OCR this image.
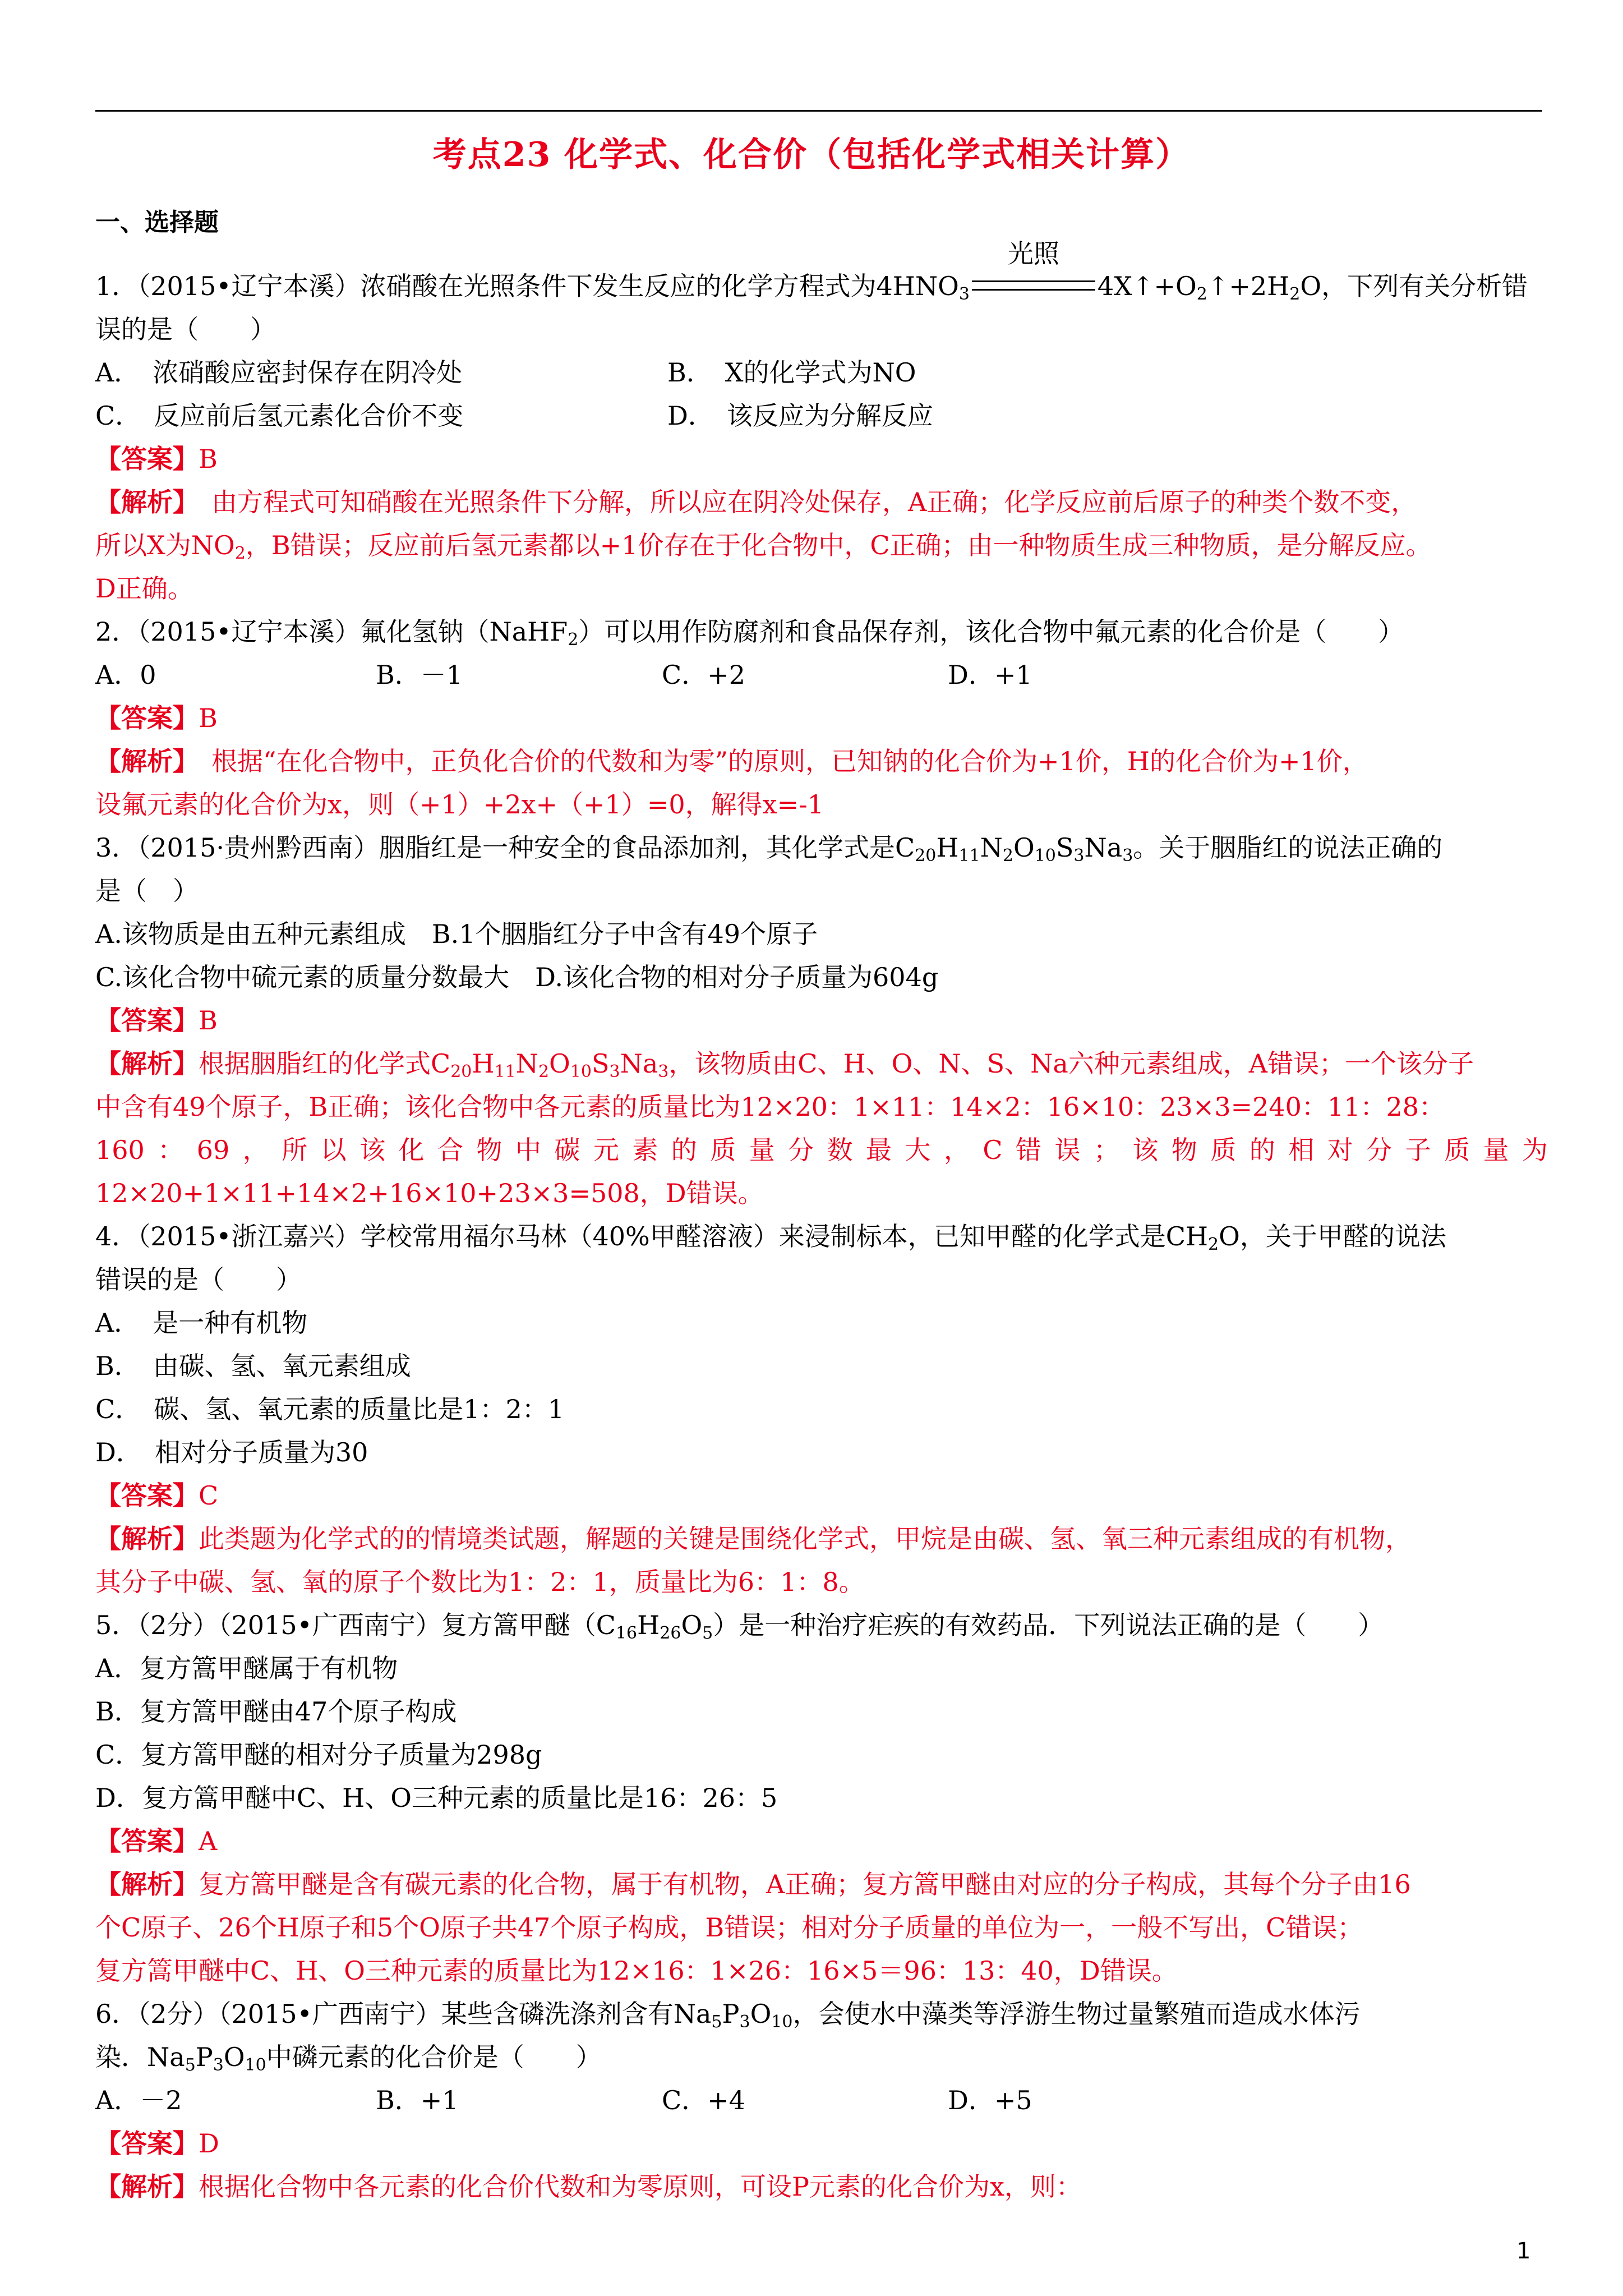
考点23 化学式、化合价（包括化学式相关计算）
一、选择题
1．（2015•辽宁本溪）浓硝酸在光照条件下发生反应的化学方程式为$4HNO_3$
光照
$4X↑+O_2↑+2H_2O$，下列有关分析错
误的是（　　）
A．　浓硝酸应密封保存在阴冷处	B．　X的化学式为NO
C．　反应前后氢元素化合价不变	D．　该反应为分解反应
【答案】B
【解析】　由方程式可知硝酸在光照条件下分解，所以应在阴冷处保存，A正确；化学反应前后原子的种类个数不变，
所以X为$NO_2$，B错误；反应前后氢元素都以+1价存在于化合物中，C正确；由一种物质生成三种物质，是分解反应。
D正确。
2．（2015•辽宁本溪）氟化氢钠（NaHF$_2$）可以用作防腐剂和食品保存剂，该化合物中氟元素的化合价是（　　）
A．0	B．－1	C．+2	D．+1
【答案】B
【解析】　根据“在化合物中，正负化合价的代数和为零”的原则，已知钠的化合价为+1价，H的化合价为+1价，
设氟元素的化合价为x，则（+1）+2x+（+1）=0，解得x=-1
3．（2015·贵州黔西南）胭脂红是一种安全的食品添加剂，其化学式是$C_{20}H_{11}N_2O_{10}S_3Na_3$。关于胭脂红的说法正确的
是（　）
A.该物质是由五种元素组成　B.1个胭脂红分子中含有49个原子
C.该化合物中硫元素的质量分数最大　D.该化合物的相对分子质量为604g
【答案】B
【解析】根据胭脂红的化学式$C_{20}H_{11}N_2O_{10}S_3Na_3$，该物质由C、H、O、N、S、Na六种元素组成，A错误；一个该分子
中含有49个原子，B正确；该化合物中各元素的质量比为12×20：1×11：14×2：16×10：23×3=240：11：28：
160：69，所以该化合物中碳元素的质量分数最大，C错误；该物质的相对分子质量为
12×20+1×11+14×2+16×10+23×3=508，D错误。
4．（2015•浙江嘉兴）学校常用福尔马林（40%甲醛溶液）来浸制标本，已知甲醛的化学式是$CH_2O$，关于甲醛的说法
错误的是（　　）
A．　是一种有机物
B．　由碳、氢、氧元素组成
C．　碳、氢、氧元素的质量比是1：2：1
D．　相对分子质量为30
【答案】C
【解析】此类题为化学式的的情境类试题，解题的关键是围绕化学式，甲烷是由碳、氢、氧三种元素组成的有机物，
其分子中碳、氢、氧的原子个数比为1：2：1，质量比为6：1：8。
5．（2分）（2015•广西南宁）复方篙甲醚$(C_{16}H_{26}O_5)$是一种治疗疟疾的有效药品．下列说法正确的是（　　）
A．复方篙甲醚属于有机物
B．复方篙甲醚由47个原子构成
C．复方篙甲醚的相对分子质量为298g
D．复方篙甲醚中C、H、O三种元素的质量比是16：26：5
【答案】A
【解析】复方篙甲醚是含有碳元素的化合物，属于有机物，A正确；复方篙甲醚由对应的分子构成，其每个分子由16
个C原子、26个H原子和5个O原子共47个原子构成，B错误；相对分子质量的单位为一，一般不写出，C错误；
复方篙甲醚中C、H、O三种元素的质量比为12×16：1×26：16×5＝96：13：40，D错误。
6．（2分）（2015•广西南宁）某些含磷洗涤剂含有$Na_5P_3O_{10}$，会使水中藻类等浮游生物过量繁殖而造成水体污
染．$Na_5P_3O_{10}$中磷元素的化合价是（　　）
A．－2	B．+1	C．+4	D．+5
【答案】D
【解析】根据化合物中各元素的化合价代数和为零原则，可设P元素的化合价为x，则：
1
